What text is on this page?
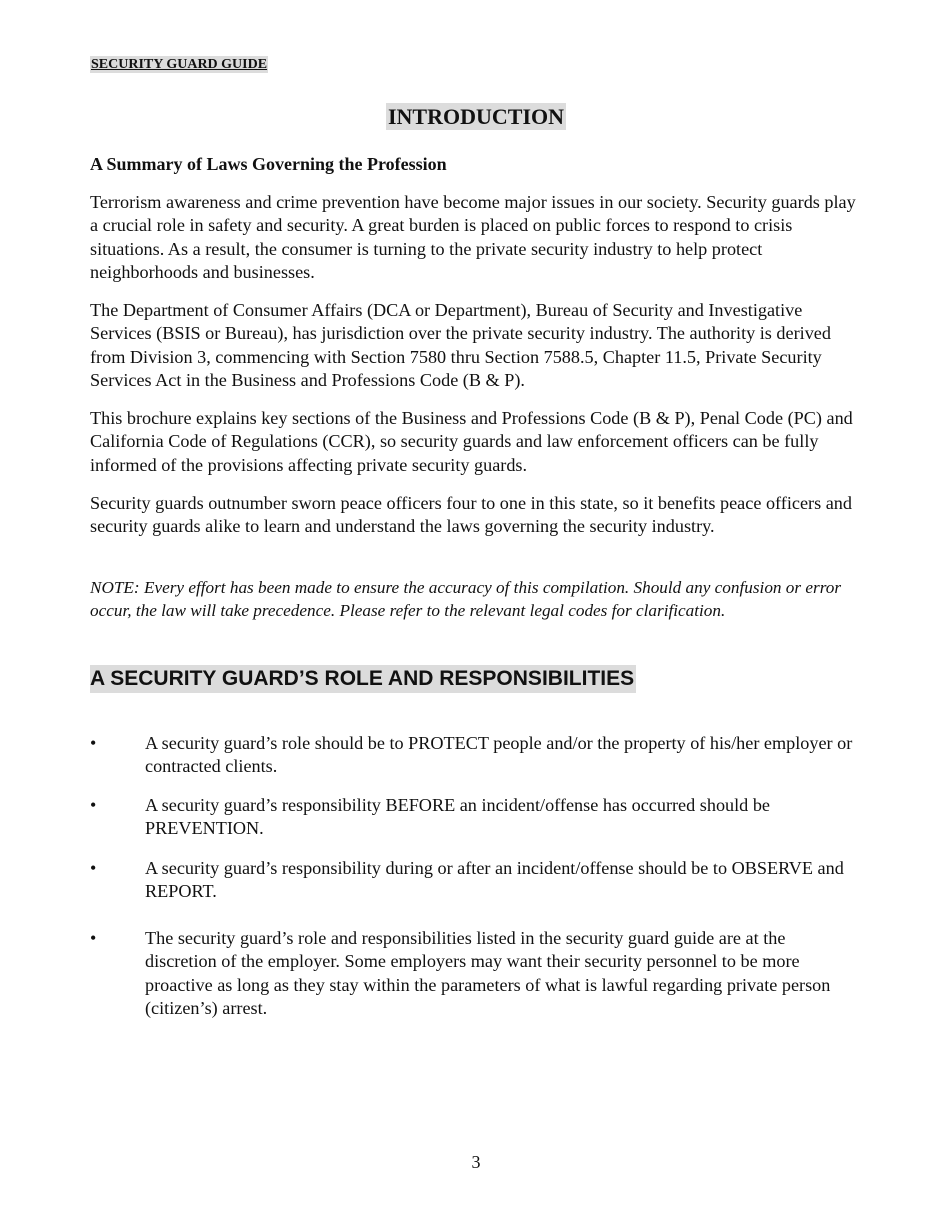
SECURITY GUARD GUIDE
INTRODUCTION
A Summary of Laws Governing the Profession

Terrorism awareness and crime prevention have become major issues in our society. Security guards play a crucial role in safety and security. A great burden is placed on public forces to respond to crisis situations. As a result, the consumer is turning to the private security industry to help protect neighborhoods and businesses.

The Department of Consumer Affairs (DCA or Department), Bureau of Security and Investigative Services (BSIS or Bureau), has jurisdiction over the private security industry. The authority is derived from Division 3, commencing with Section 7580 thru Section 7588.5, Chapter 11.5, Private Security Services Act in the Business and Professions Code (B & P).

This brochure explains key sections of the Business and Professions Code (B & P), Penal Code (PC) and California Code of Regulations (CCR), so security guards and law enforcement officers can be fully informed of the provisions affecting private security guards.

Security guards outnumber sworn peace officers four to one in this state, so it benefits peace officers and security guards alike to learn and understand the laws governing the security industry.

NOTE: Every effort has been made to ensure the accuracy of this compilation. Should any confusion or error occur, the law will take precedence. Please refer to the relevant legal codes for clarification.

A SECURITY GUARD’S ROLE AND RESPONSIBILITIES
•	A security guard’s role should be to PROTECT people and/or the property of his/her employer or contracted clients.
•	A security guard’s responsibility BEFORE an incident/offense has occurred should be PREVENTION.
•	A security guard’s responsibility during or after an incident/offense should be to OBSERVE and REPORT.
•	The security guard’s role and responsibilities listed in the security guard guide are at the discretion of the employer. Some employers may want their security personnel to be more proactive as long as they stay within the parameters of what is lawful regarding private person (citizen’s) arrest.
3
